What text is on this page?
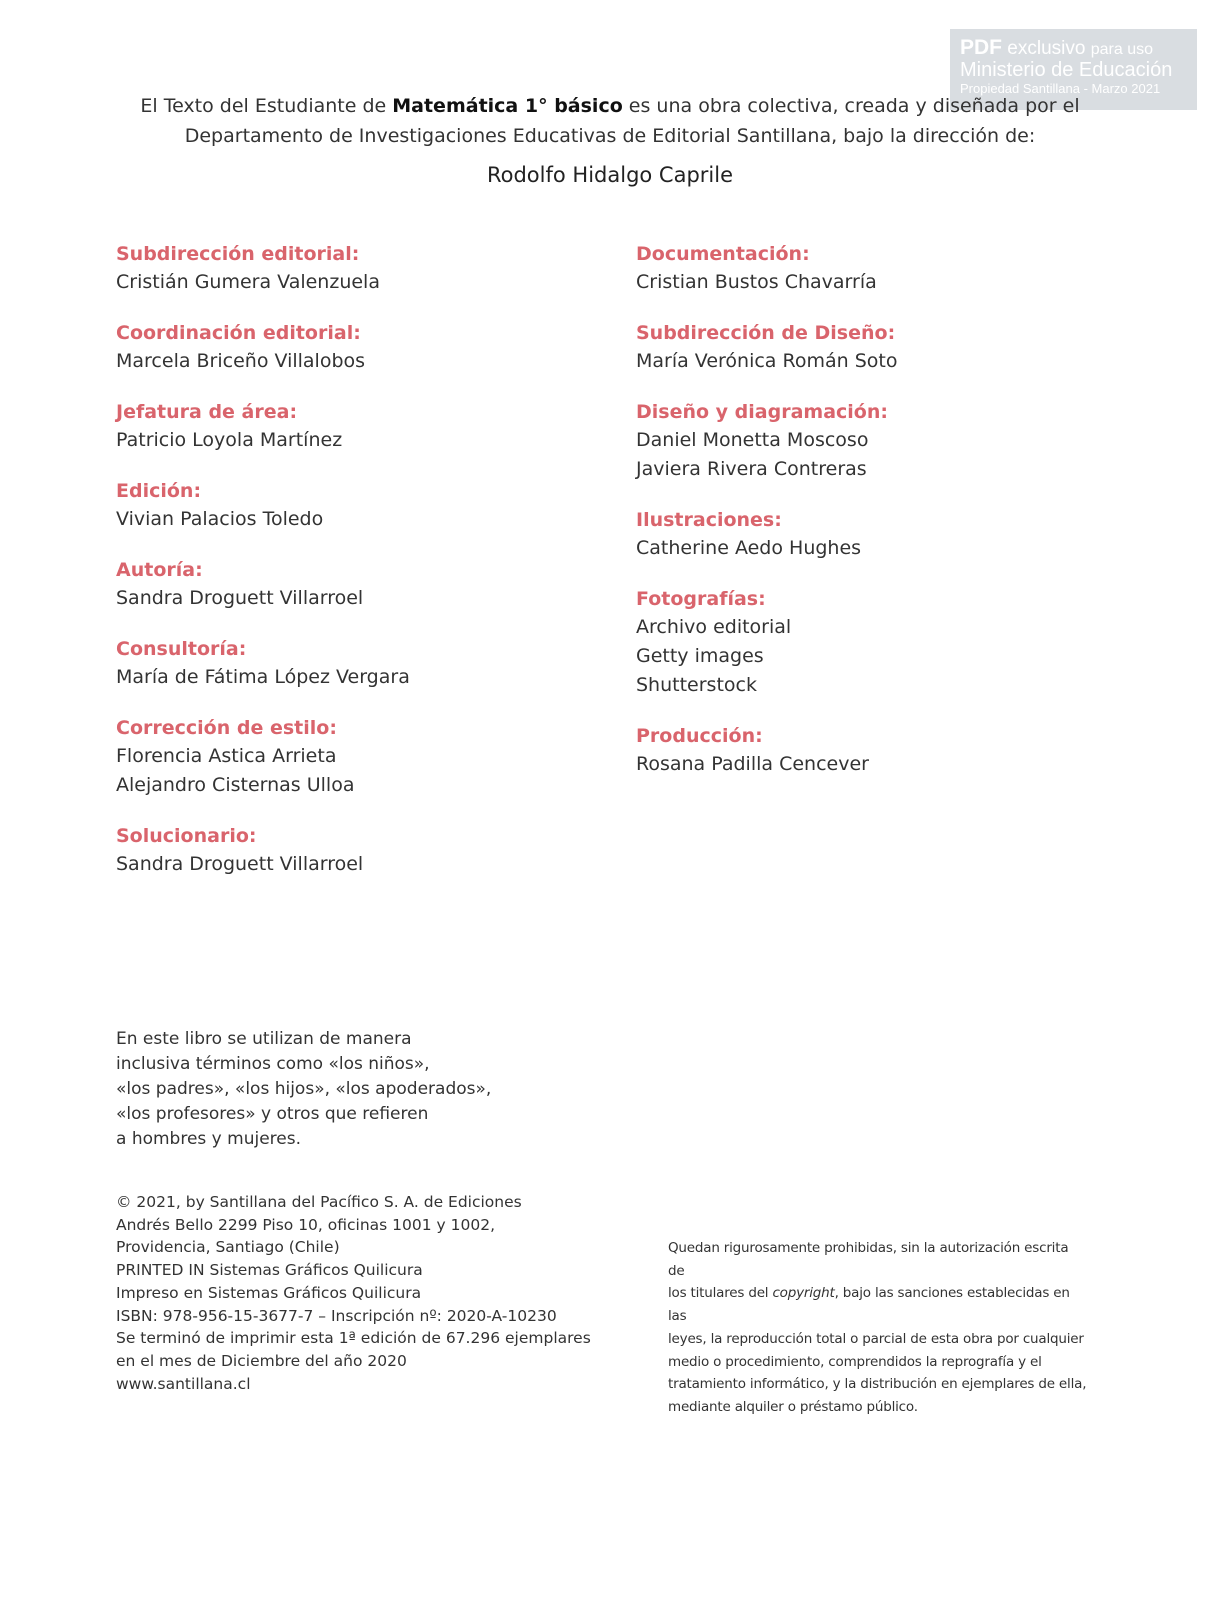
PDF exclusivo para uso
Ministerio de Educación
Propiedad Santillana - Marzo 2021
El Texto del Estudiante de Matemática 1° básico es una obra colectiva, creada y diseñada por el
Departamento de Investigaciones Educativas de Editorial Santillana, bajo la dirección de:
Rodolfo Hidalgo Caprile
Subdirección editorial:
Cristián Gumera Valenzuela
Coordinación editorial:
Marcela Briceño Villalobos
Jefatura de área:
Patricio Loyola Martínez
Edición:
Vivian Palacios Toledo
Autoría:
Sandra Droguett Villarroel
Consultoría:
María de Fátima López Vergara
Corrección de estilo:
Florencia Astica Arrieta
Alejandro Cisternas Ulloa
Solucionario:
Sandra Droguett Villarroel
Documentación:
Cristian Bustos Chavarría
Subdirección de Diseño:
María Verónica Román Soto
Diseño y diagramación:
Daniel Monetta Moscoso
Javiera Rivera Contreras
Ilustraciones:
Catherine Aedo Hughes
Fotografías:
Archivo editorial
Getty images
Shutterstock
Producción:
Rosana Padilla Cencever
En este libro se utilizan de manera
inclusiva términos como «los niños»,
«los padres», «los hijos», «los apoderados»,
«los profesores» y otros que refieren
a hombres y mujeres.
© 2021, by Santillana del Pacífico S. A. de Ediciones
Andrés Bello 2299 Piso 10, oficinas 1001 y 1002,
Providencia, Santiago (Chile)
PRINTED IN Sistemas Gráficos Quilicura
Impreso en Sistemas Gráficos Quilicura
ISBN: 978-956-15-3677-7 – Inscripción nº: 2020-A-10230
Se terminó de imprimir esta 1ª edición de 67.296 ejemplares
en el mes de Diciembre del año 2020
www.santillana.cl
Quedan rigurosamente prohibidas, sin la autorización escrita de
los titulares del copyright, bajo las sanciones establecidas en las
leyes, la reproducción total o parcial de esta obra por cualquier
medio o procedimiento, comprendidos la reprografía y el
tratamiento informático, y la distribución en ejemplares de ella,
mediante alquiler o préstamo público.
